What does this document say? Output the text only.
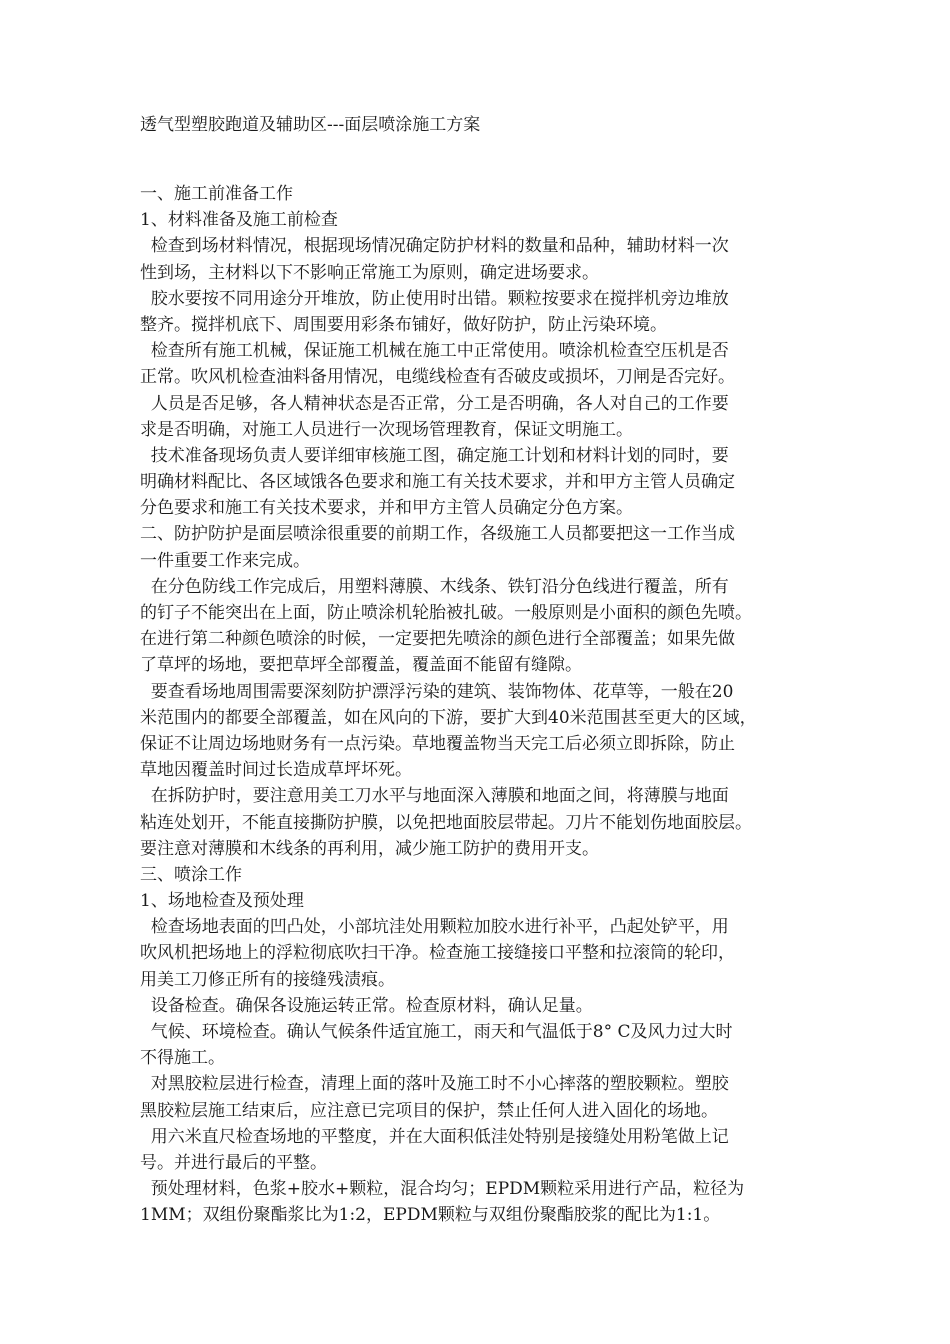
透气型塑胶跑道及辅助区---面层喷涂施工方案
一、施工前准备工作
1、材料准备及施工前检查
检查到场材料情况，根据现场情况确定防护材料的数量和品种，辅助材料一次
性到场，主材料以下不影响正常施工为原则，确定进场要求。
胶水要按不同用途分开堆放，防止使用时出错。颗粒按要求在搅拌机旁边堆放
整齐。搅拌机底下、周围要用彩条布铺好，做好防护，防止污染环境。
检查所有施工机械，保证施工机械在施工中正常使用。喷涂机检查空压机是否
正常。吹风机检查油料备用情况，电缆线检查有否破皮或损坏，刀闸是否完好。
人员是否足够，各人精神状态是否正常，分工是否明确，各人对自己的工作要
求是否明确，对施工人员进行一次现场管理教育，保证文明施工。
技术准备现场负责人要详细审核施工图，确定施工计划和材料计划的同时，要
明确材料配比、各区域饿各色要求和施工有关技术要求，并和甲方主管人员确定
分色要求和施工有关技术要求，并和甲方主管人员确定分色方案。
二、防护防护是面层喷涂很重要的前期工作，各级施工人员都要把这一工作当成
一件重要工作来完成。
在分色防线工作完成后，用塑料薄膜、木线条、铁钉沿分色线进行覆盖，所有
的钉子不能突出在上面，防止喷涂机轮胎被扎破。一般原则是小面积的颜色先喷。
在进行第二种颜色喷涂的时候，一定要把先喷涂的颜色进行全部覆盖；如果先做
了草坪的场地，要把草坪全部覆盖，覆盖面不能留有缝隙。
要查看场地周围需要深刻防护漂浮污染的建筑、装饰物体、花草等，一般在20
米范围内的都要全部覆盖，如在风向的下游，要扩大到40米范围甚至更大的区域，
保证不让周边场地财务有一点污染。草地覆盖物当天完工后必须立即拆除，防止
草地因覆盖时间过长造成草坪坏死。
在拆防护时，要注意用美工刀水平与地面深入薄膜和地面之间，将薄膜与地面
粘连处划开，不能直接撕防护膜，以免把地面胶层带起。刀片不能划伤地面胶层。
要注意对薄膜和木线条的再利用，减少施工防护的费用开支。
三、喷涂工作
1、场地检查及预处理
检查场地表面的凹凸处，小部坑洼处用颗粒加胶水进行补平，凸起处铲平，用
吹风机把场地上的浮粒彻底吹扫干净。检查施工接缝接口平整和拉滚筒的轮印，
用美工刀修正所有的接缝残渍痕。
设备检查。确保各设施运转正常。检查原材料，确认足量。
气候、环境检查。确认气候条件适宜施工，雨天和气温低于8° C及风力过大时
不得施工。
对黑胶粒层进行检查，清理上面的落叶及施工时不小心摔落的塑胶颗粒。塑胶
黑胶粒层施工结束后，应注意已完项目的保护，禁止任何人进入固化的场地。
用六米直尺检查场地的平整度，并在大面积低洼处特别是接缝处用粉笔做上记
号。并进行最后的平整。
预处理材料，色浆+胶水+颗粒，混合均匀；EPDM颗粒采用进行产品，粒径为
1MM；双组份聚酯浆比为1:2，EPDM颗粒与双组份聚酯胶浆的配比为1:1。
